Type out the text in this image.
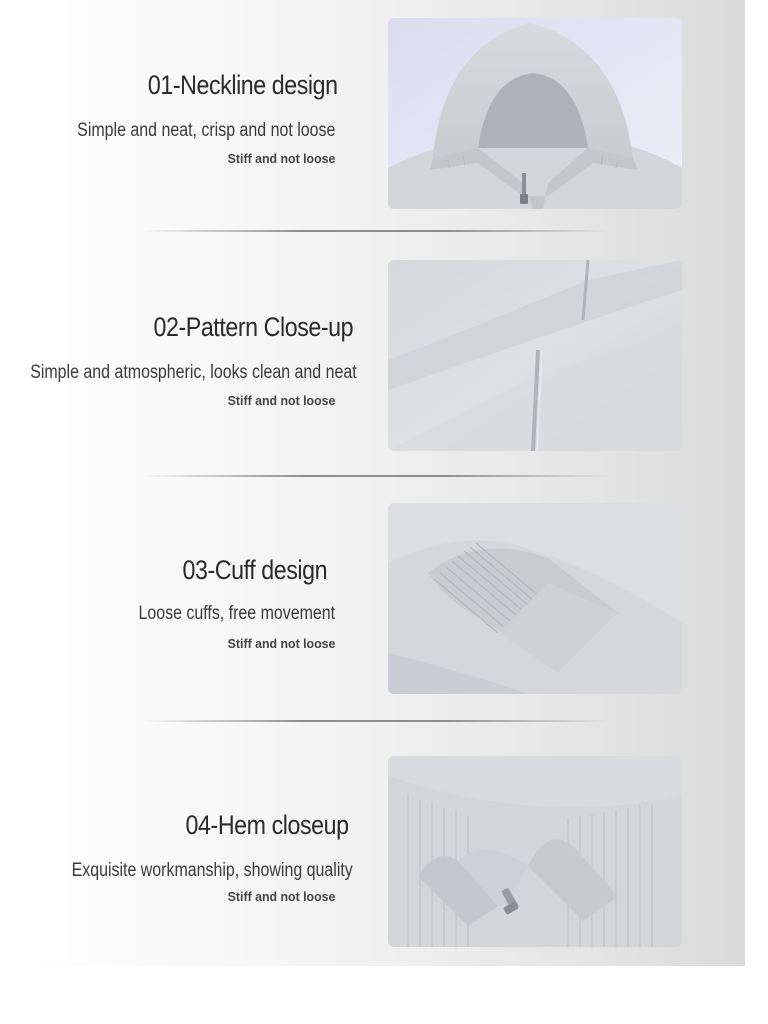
01-Neckline design
Simple and neat, crisp and not loose
Stiff and not loose
02-Pattern Close-up
Simple and atmospheric, looks clean and neat
Stiff and not loose
03-Cuff design
Loose cuffs, free movement
Stiff and not loose
04-Hem closeup
Exquisite workmanship, showing quality
Stiff and not loose
